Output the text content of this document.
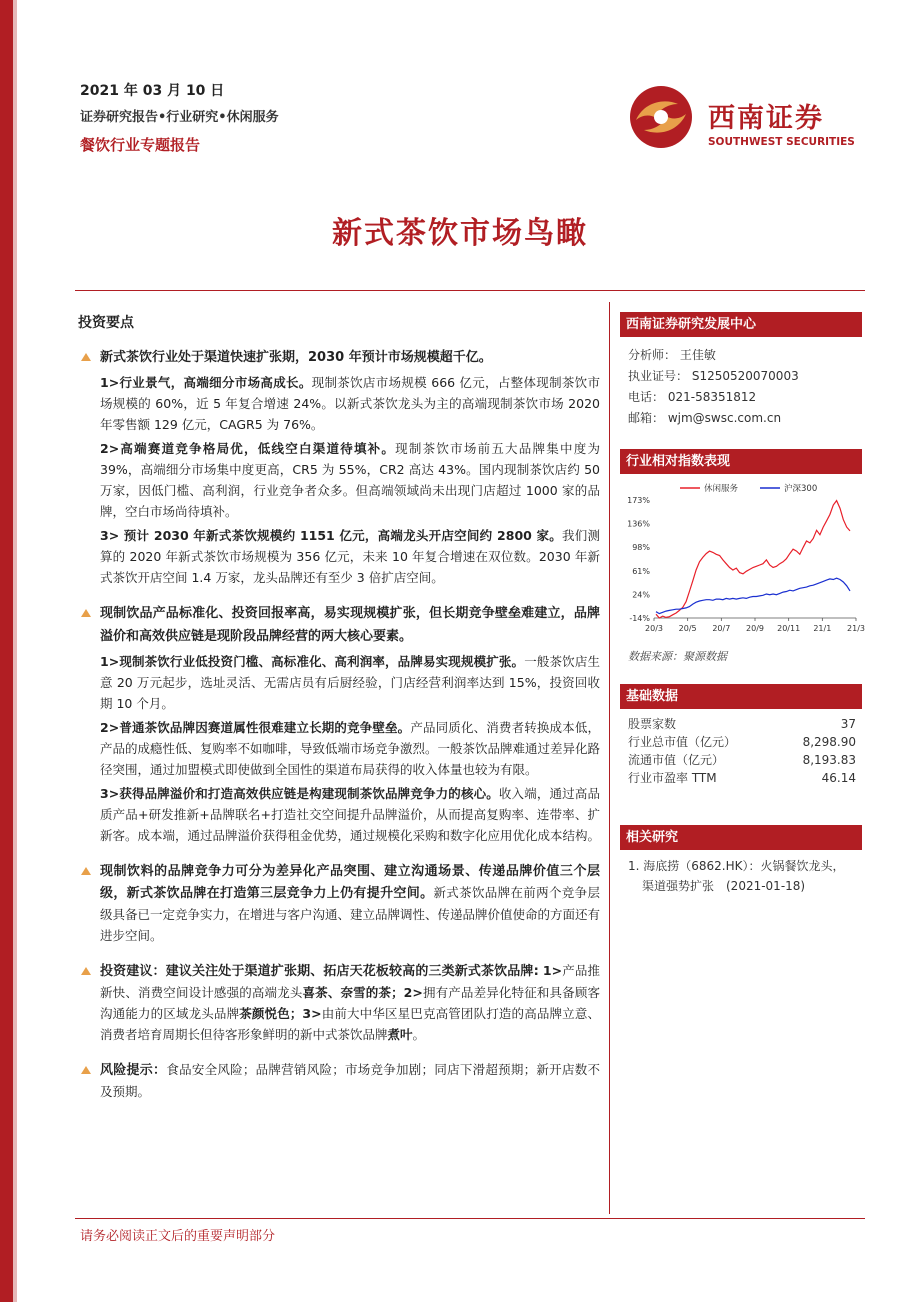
2021 年 03 月 10 日
证券研究报告•行业研究•休闲服务
餐饮行业专题报告
西南证券
SOUTHWEST SECURITIES
新式茶饮市场鸟瞰
投资要点
新式茶饮行业处于渠道快速扩张期，2030 年预计市场规模超千亿。
1>行业景气，高端细分市场高成长。现制茶饮店市场规模 666 亿元，占整体现制茶饮市场规模的 60%，近 5 年复合增速 24%。以新式茶饮龙头为主的高端现制茶饮市场 2020 年零售额 129 亿元，CAGR5 为 76%。
2>高端赛道竞争格局优，低线空白渠道待填补。现制茶饮市场前五大品牌集中度为 39%，高端细分市场集中度更高，CR5 为 55%，CR2 高达 43%。国内现制茶饮店约 50 万家，因低门槛、高利润，行业竞争者众多。但高端领域尚未出现门店超过 1000 家的品牌，空白市场尚待填补。
3> 预计 2030 年新式茶饮规模约 1151 亿元，高端龙头开店空间约 2800 家。我们测算的 2020 年新式茶饮市场规模为 356 亿元，未来 10 年复合增速在双位数。2030 年新式茶饮开店空间 1.4 万家，龙头品牌还有至少 3 倍扩店空间。
现制饮品产品标准化、投资回报率高，易实现规模扩张，但长期竞争壁垒难建立，品牌溢价和高效供应链是现阶段品牌经营的两大核心要素。
1>现制茶饮行业低投资门槛、高标准化、高利润率，品牌易实现规模扩张。一般茶饮店生意 20 万元起步，选址灵活、无需店员有后厨经验，门店经营利润率达到 15%，投资回收期 10 个月。
2>普通茶饮品牌因赛道属性很难建立长期的竞争壁垒。产品同质化、消费者转换成本低，产品的成瘾性低、复购率不如咖啡，导致低端市场竞争激烈。一般茶饮品牌难通过差异化路径突围，通过加盟模式即使做到全国性的渠道布局获得的收入体量也较为有限。
3>获得品牌溢价和打造高效供应链是构建现制茶饮品牌竞争力的核心。收入端，通过高品质产品+研发推新+品牌联名+打造社交空间提升品牌溢价，从而提高复购率、连带率、扩新客。成本端，通过品牌溢价获得租金优势，通过规模化采购和数字化应用优化成本结构。
现制饮料的品牌竞争力可分为差异化产品突围、建立沟通场景、传递品牌价值三个层级，新式茶饮品牌在打造第三层竞争力上仍有提升空间。新式茶饮品牌在前两个竞争层级具备已一定竞争实力，在增进与客户沟通、建立品牌调性、传递品牌价值使命的方面还有进步空间。
投资建议：建议关注处于渠道扩张期、拓店天花板较高的三类新式茶饮品牌: 1>产品推新快、消费空间设计感强的高端龙头喜茶、奈雪的茶；2>拥有产品差异化特征和具备顾客沟通能力的区域龙头品牌茶颜悦色；3>由前大中华区星巴克高管团队打造的高品牌立意、消费者培育周期长但待客形象鲜明的新中式茶饮品牌煮叶。
风险提示：食品安全风险；品牌营销风险；市场竞争加剧；同店下滑超预期；新开店数不及预期。
西南证券研究发展中心
分析师： 王佳敏
执业证号： S1250520070003
电话： 021-58351812
邮箱： wjm@swsc.com.cn
行业相对指数表现
173%
136%
98%
61%
24%
-14%
20/3 20/5 20/7 20/9 20/11 21/1 21/3
休闲服务	沪深300
数据来源：聚源数据
基础数据
股票家数	37
行业总市值（亿元）	8,298.90
流通市值（亿元）	8,193.83
行业市盈率 TTM	46.14
相关研究
1. 海底捞（6862.HK）：火锅餐饮龙头，
渠道强势扩张　(2021-01-18)
请务必阅读正文后的重要声明部分
